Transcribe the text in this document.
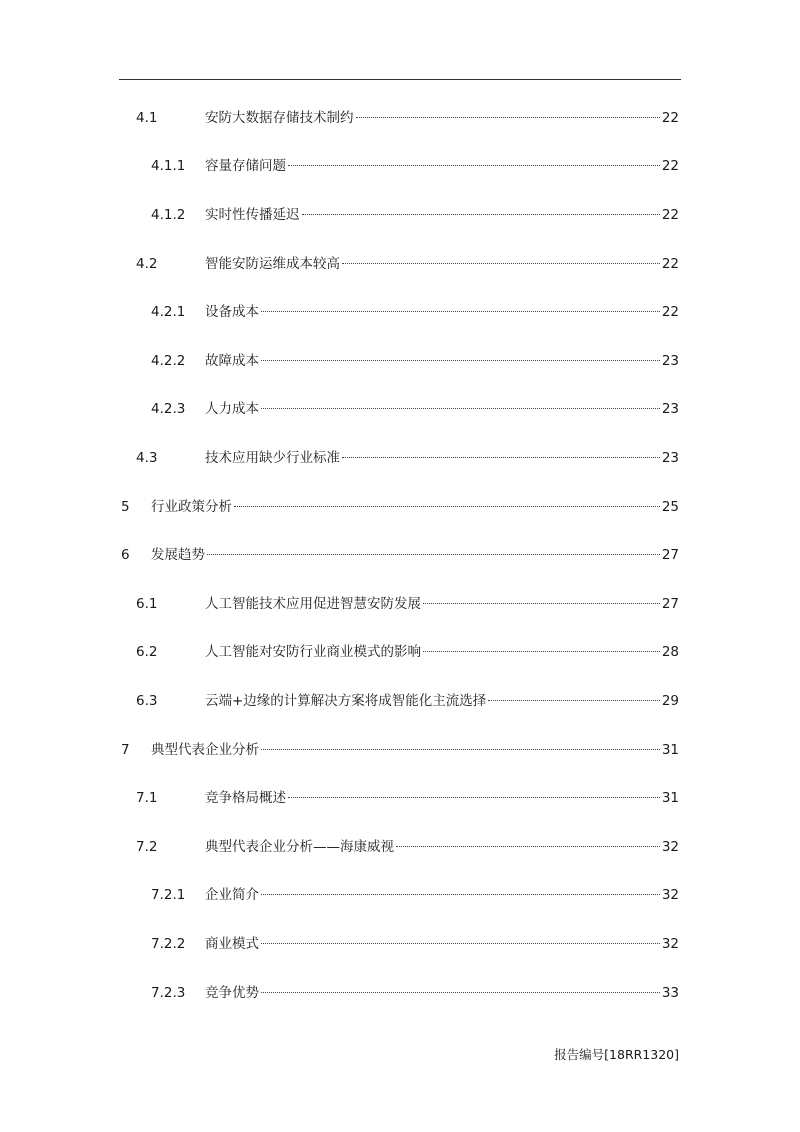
4.1	安防大数据存储技术制约	22
4.1.1 容量存储问题	22
4.1.2 实时性传播延迟	22
4.2	智能安防运维成本较高	22
4.2.1 设备成本	22
4.2.2 故障成本	23
4.2.3 人力成本	23
4.3	技术应用缺少行业标准	23
5 行业政策分析	25
6 发展趋势	27
6.1	人工智能技术应用促进智慧安防发展	27
6.2	人工智能对安防行业商业模式的影响	28
6.3	云端+边缘的计算解决方案将成智能化主流选择	29
7 典型代表企业分析	31
7.1	竞争格局概述	31
7.2	典型代表企业分析——海康威视	32
7.2.1 企业简介	32
7.2.2 商业模式	32
7.2.3 竞争优势	33
报告编号[18RR1320]
